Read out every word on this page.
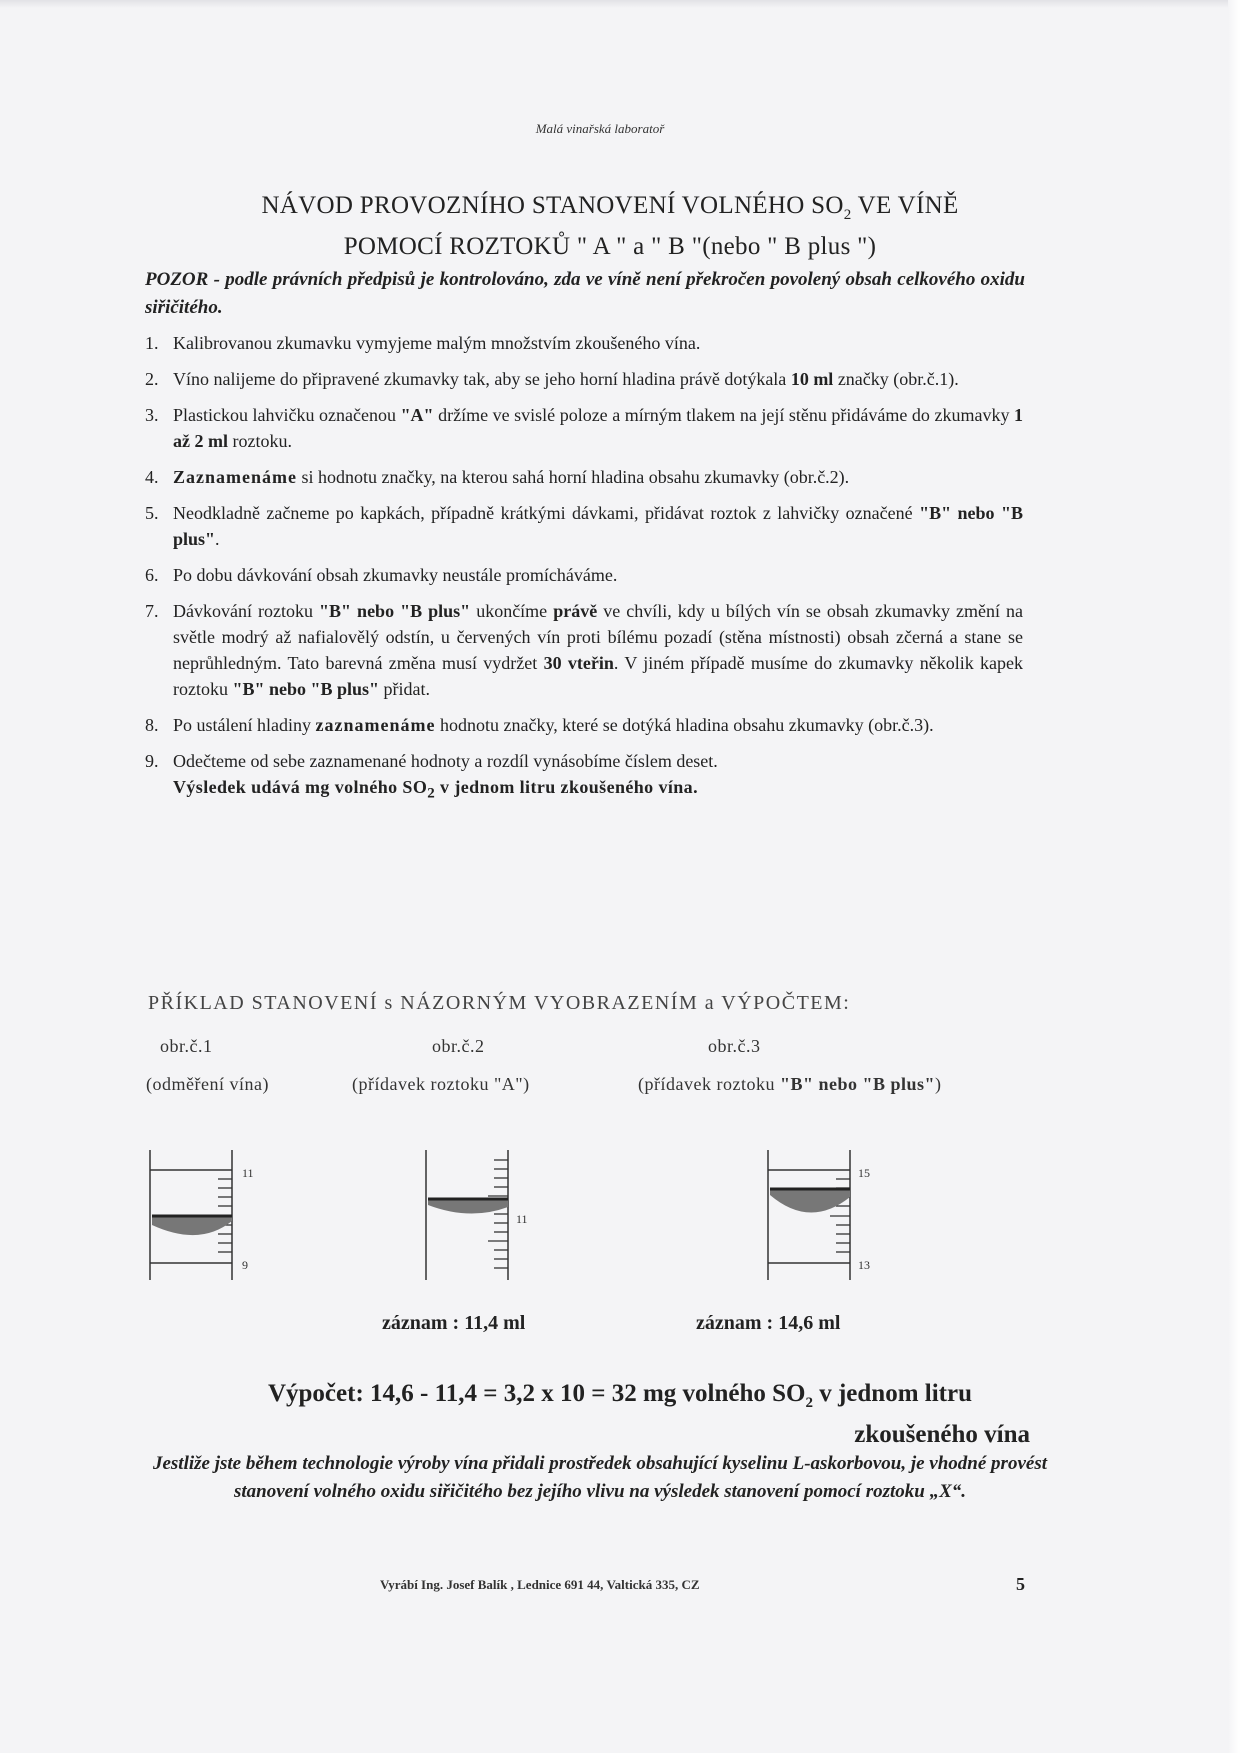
Malá vinařská laboratoř
NÁVOD PROVOZNÍHO STANOVENÍ VOLNÉHO $SO_2$ VE VÍNĚ
POMOCÍ ROZTOKŮ " A " a " B "(nebo " B plus ")
POZOR - podle právních předpisů je kontrolováno, zda ve víně není překročen povolený obsah celkového oxidu siřičitého.
1. Kalibrovanou zkumavku vymyjeme malým množstvím zkoušeného vína.
2. Víno nalijeme do připravené zkumavky tak, aby se jeho horní hladina právě dotýkala 10 ml značky (obr.č.1).
3. Plastickou lahvičku označenou "A" držíme ve svislé poloze a mírným tlakem na její stěnu přidáváme do zkumavky 1 až 2 ml roztoku.
4. Zaznamenáme si hodnotu značky, na kterou sahá horní hladina obsahu zkumavky (obr.č.2).
5. Neodkladně začneme po kapkách, případně krátkými dávkami, přidávat roztok z lahvičky označené "B" nebo "B plus".
6. Po dobu dávkování obsah zkumavky neustále promícháváme.
7. Dávkování roztoku "B" nebo "B plus" ukončíme právě ve chvíli, kdy u bílých vín se obsah zkumavky změní na světle modrý až nafialovělý odstín, u červených vín proti bílému pozadí (stěna místnosti) obsah zčerná a stane se neprůhledným. Tato barevná změna musí vydržet 30 vteřin. V jiném případě musíme do zkumavky několik kapek roztoku "B" nebo "B plus" přidat.
8. Po ustálení hladiny zaznamenáme hodnotu značky, které se dotýká hladina obsahu zkumavky (obr.č.3).
9. Odečteme od sebe zaznamenané hodnoty a rozdíl vynásobíme číslem deset.
Výsledek udává mg volného $SO_2$ v jednom litru zkoušeného vína.
PŘÍKLAD STANOVENÍ s NÁZORNÝM VYOBRAZENÍM a VÝPOČTEM:
obr.č.1	obr.č.2	obr.č.3
(odměření vína)	(přídavek roztoku "A")	(přídavek roztoku "B" nebo "B plus")
11
9
11
15
13
záznam : 11,4 ml	záznam : 14,6 ml
Výpočet: 14,6 - 11,4 = 3,2 x 10 = 32 mg volného $SO_2$ v jednom litru
zkoušeného vína
Jestliže jste během technologie výroby vína přidali prostředek obsahující kyselinu L-askorbovou, je vhodné provést stanovení volného oxidu siřičitého bez jejího vlivu na výsledek stanovení pomocí roztoku „X“.
Vyrábí Ing. Josef Balík , Lednice 691 44, Valtická 335, CZ	5
